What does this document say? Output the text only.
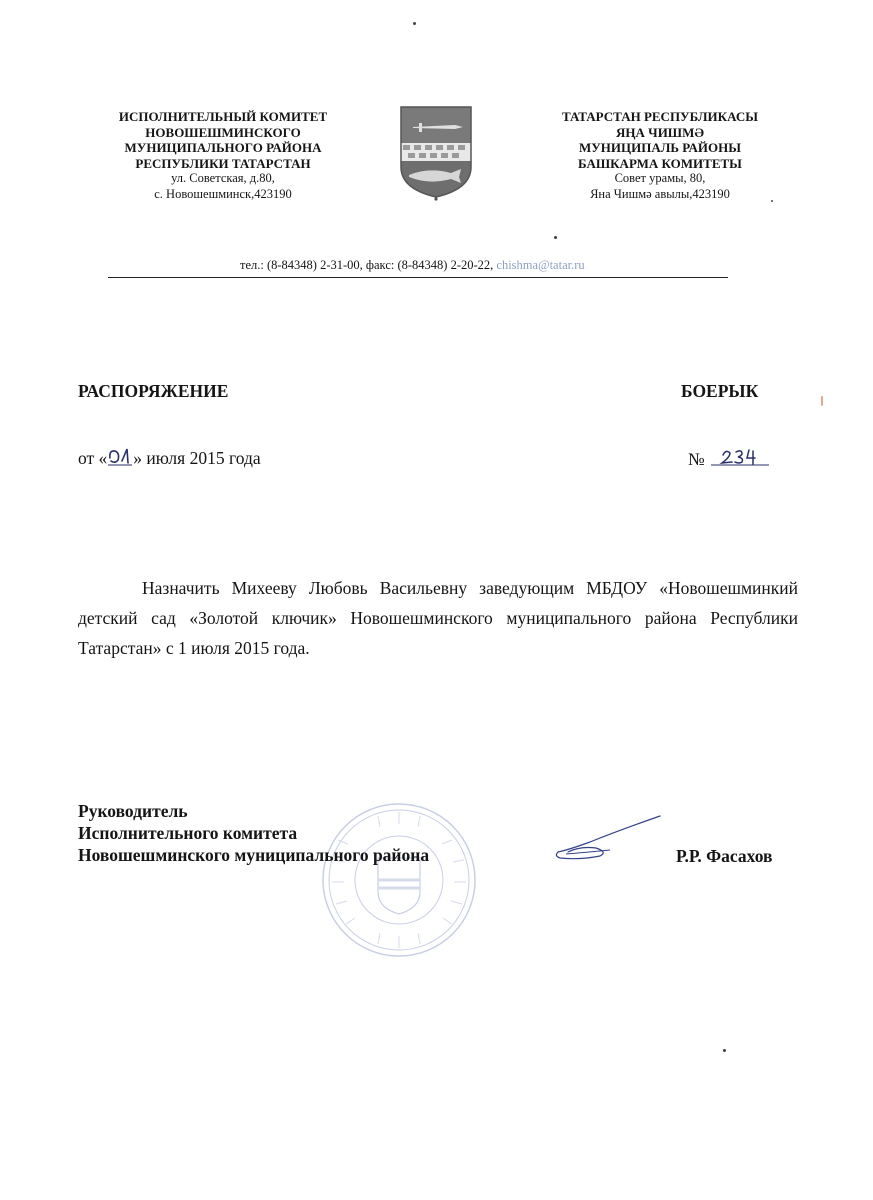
ИСПОЛНИТЕЛЬНЫЙ КОМИТЕТ
НОВОШЕШМИНСКОГО
МУНИЦИПАЛЬНОГО РАЙОНА
РЕСПУБЛИКИ ТАТАРСТАН
ул. Советская, д.80,
с. Новошешминск,423190
ТАТАРСТАН РЕСПУБЛИКАСЫ
ЯҢА ЧИШМӘ
МУНИЦИПАЛЬ РАЙОНЫ
БАШКАРМА КОМИТЕТЫ
Совет урамы, 80,
Яна Чишмә авылы,423190
тел.: (8-84348) 2-31-00, факс: (8-84348) 2-20-22, chishma@tatar.ru
РАСПОРЯЖЕНИЕ	БОЕРЫК
от « » июля 2015 года	№
Назначить Михееву Любовь Васильевну заведующим МБДОУ «Новошешминкий детский сад «Золотой ключик» Новошешминского муниципального района Республики Татарстан» с 1 июля 2015 года.
Руководитель
Исполнительного комитета
Новошешминского муниципального района	Р.Р. Фасахов
